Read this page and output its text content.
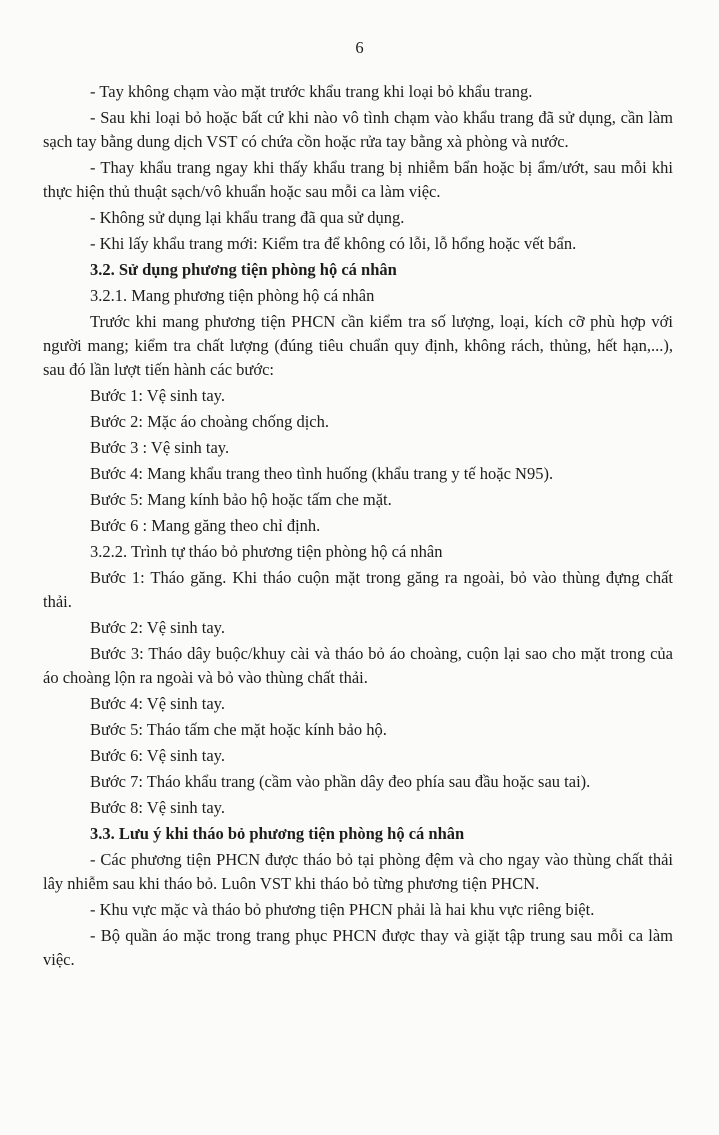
6

- Tay không chạm vào mặt trước khẩu trang khi loại bỏ khẩu trang.

- Sau khi loại bỏ hoặc bất cứ khi nào vô tình chạm vào khẩu trang đã sử dụng, cần làm sạch tay bằng dung dịch VST có chứa cồn hoặc rửa tay bằng xà phòng và nước.

- Thay khẩu trang ngay khi thấy khẩu trang bị nhiễm bẩn hoặc bị ẩm/ướt, sau mỗi khi thực hiện thủ thuật sạch/vô khuẩn hoặc sau mỗi ca làm việc.

- Không sử dụng lại khẩu trang đã qua sử dụng.

- Khi lấy khẩu trang mới: Kiểm tra để không có lỗi, lỗ hổng hoặc vết bẩn.

3.2. Sử dụng phương tiện phòng hộ cá nhân

3.2.1. Mang phương tiện phòng hộ cá nhân

Trước khi mang phương tiện PHCN cần kiểm tra số lượng, loại, kích cỡ phù hợp với người mang; kiểm tra chất lượng (đúng tiêu chuẩn quy định, không rách, thủng, hết hạn,...), sau đó lần lượt tiến hành các bước:

Bước 1: Vệ sinh tay.

Bước 2: Mặc áo choàng chống dịch.

Bước 3 : Vệ sinh tay.

Bước 4: Mang khẩu trang theo tình huống (khẩu trang y tế hoặc N95).

Bước 5: Mang kính bảo hộ hoặc tấm che mặt.

Bước 6 : Mang găng theo chỉ định.

3.2.2. Trình tự tháo bỏ phương tiện phòng hộ cá nhân

Bước 1: Tháo găng. Khi tháo cuộn mặt trong găng ra ngoài, bỏ vào thùng đựng chất thải.

Bước 2: Vệ sinh tay.

Bước 3: Tháo dây buộc/khuy cài và tháo bỏ áo choàng, cuộn lại sao cho mặt trong của áo choàng lộn ra ngoài và bỏ vào thùng chất thải.

Bước 4: Vệ sinh tay.

Bước 5: Tháo tấm che mặt hoặc kính bảo hộ.

Bước 6: Vệ sinh tay.

Bước 7: Tháo khẩu trang (cầm vào phần dây đeo phía sau đầu hoặc sau tai).

Bước 8: Vệ sinh tay.

3.3. Lưu ý khi tháo bỏ phương tiện phòng hộ cá nhân

- Các phương tiện PHCN được tháo bỏ tại phòng đệm và cho ngay vào thùng chất thải lây nhiễm sau khi tháo bỏ. Luôn VST khi tháo bỏ từng phương tiện PHCN.

- Khu vực mặc và tháo bỏ phương tiện PHCN phải là hai khu vực riêng biệt.

- Bộ quần áo mặc trong trang phục PHCN được thay và giặt tập trung sau mỗi ca làm việc.
